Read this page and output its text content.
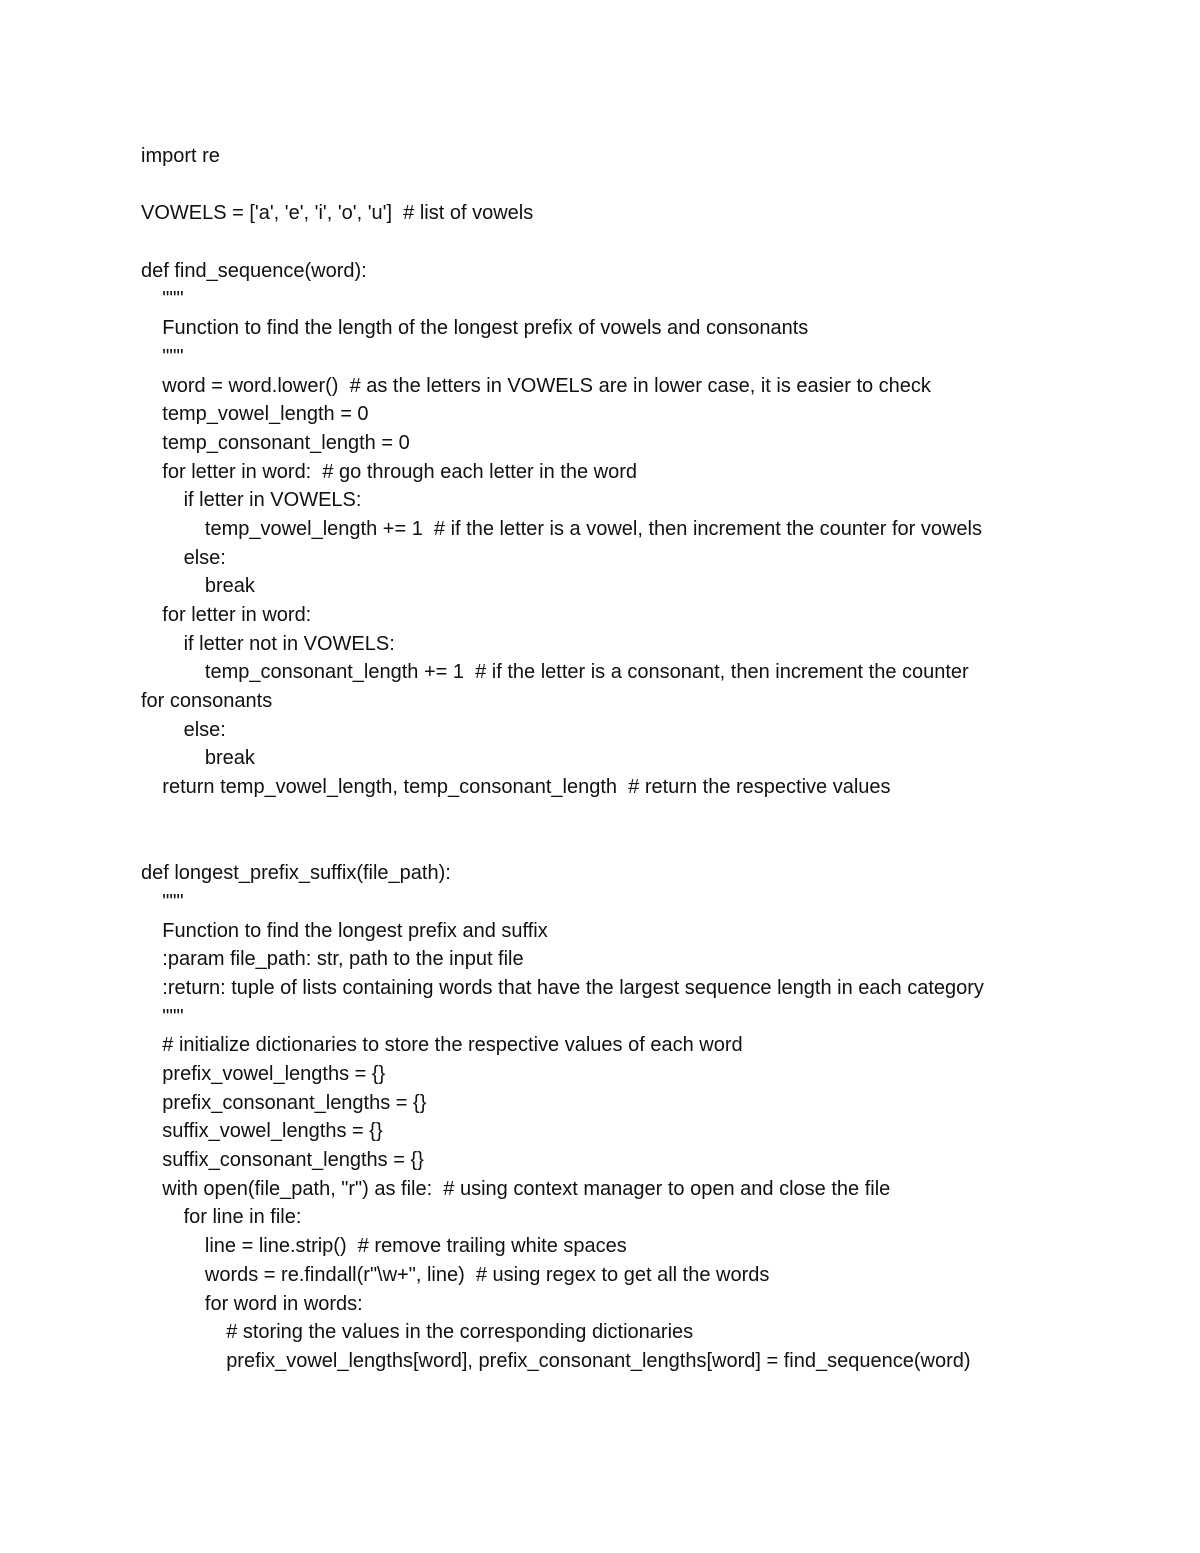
import re
VOWELS = ['a', 'e', 'i', 'o', 'u']  # list of vowels
def find_sequence(word):
"""
Function to find the length of the longest prefix of vowels and consonants
"""
word = word.lower()  # as the letters in VOWELS are in lower case, it is easier to check
temp_vowel_length = 0
temp_consonant_length = 0
for letter in word:  # go through each letter in the word
if letter in VOWELS:
temp_vowel_length += 1  # if the letter is a vowel, then increment the counter for vowels
else:
break
for letter in word:
if letter not in VOWELS:
temp_consonant_length += 1  # if the letter is a consonant, then increment the counter
for consonants
else:
break
return temp_vowel_length, temp_consonant_length  # return the respective values
def longest_prefix_suffix(file_path):
"""
Function to find the longest prefix and suffix
:param file_path: str, path to the input file
:return: tuple of lists containing words that have the largest sequence length in each category
"""
# initialize dictionaries to store the respective values of each word
prefix_vowel_lengths = {}
prefix_consonant_lengths = {}
suffix_vowel_lengths = {}
suffix_consonant_lengths = {}
with open(file_path, "r") as file:  # using context manager to open and close the file
for line in file:
line = line.strip()  # remove trailing white spaces
words = re.findall(r"\w+", line)  # using regex to get all the words
for word in words:
# storing the values in the corresponding dictionaries
prefix_vowel_lengths[word], prefix_consonant_lengths[word] = find_sequence(word)
